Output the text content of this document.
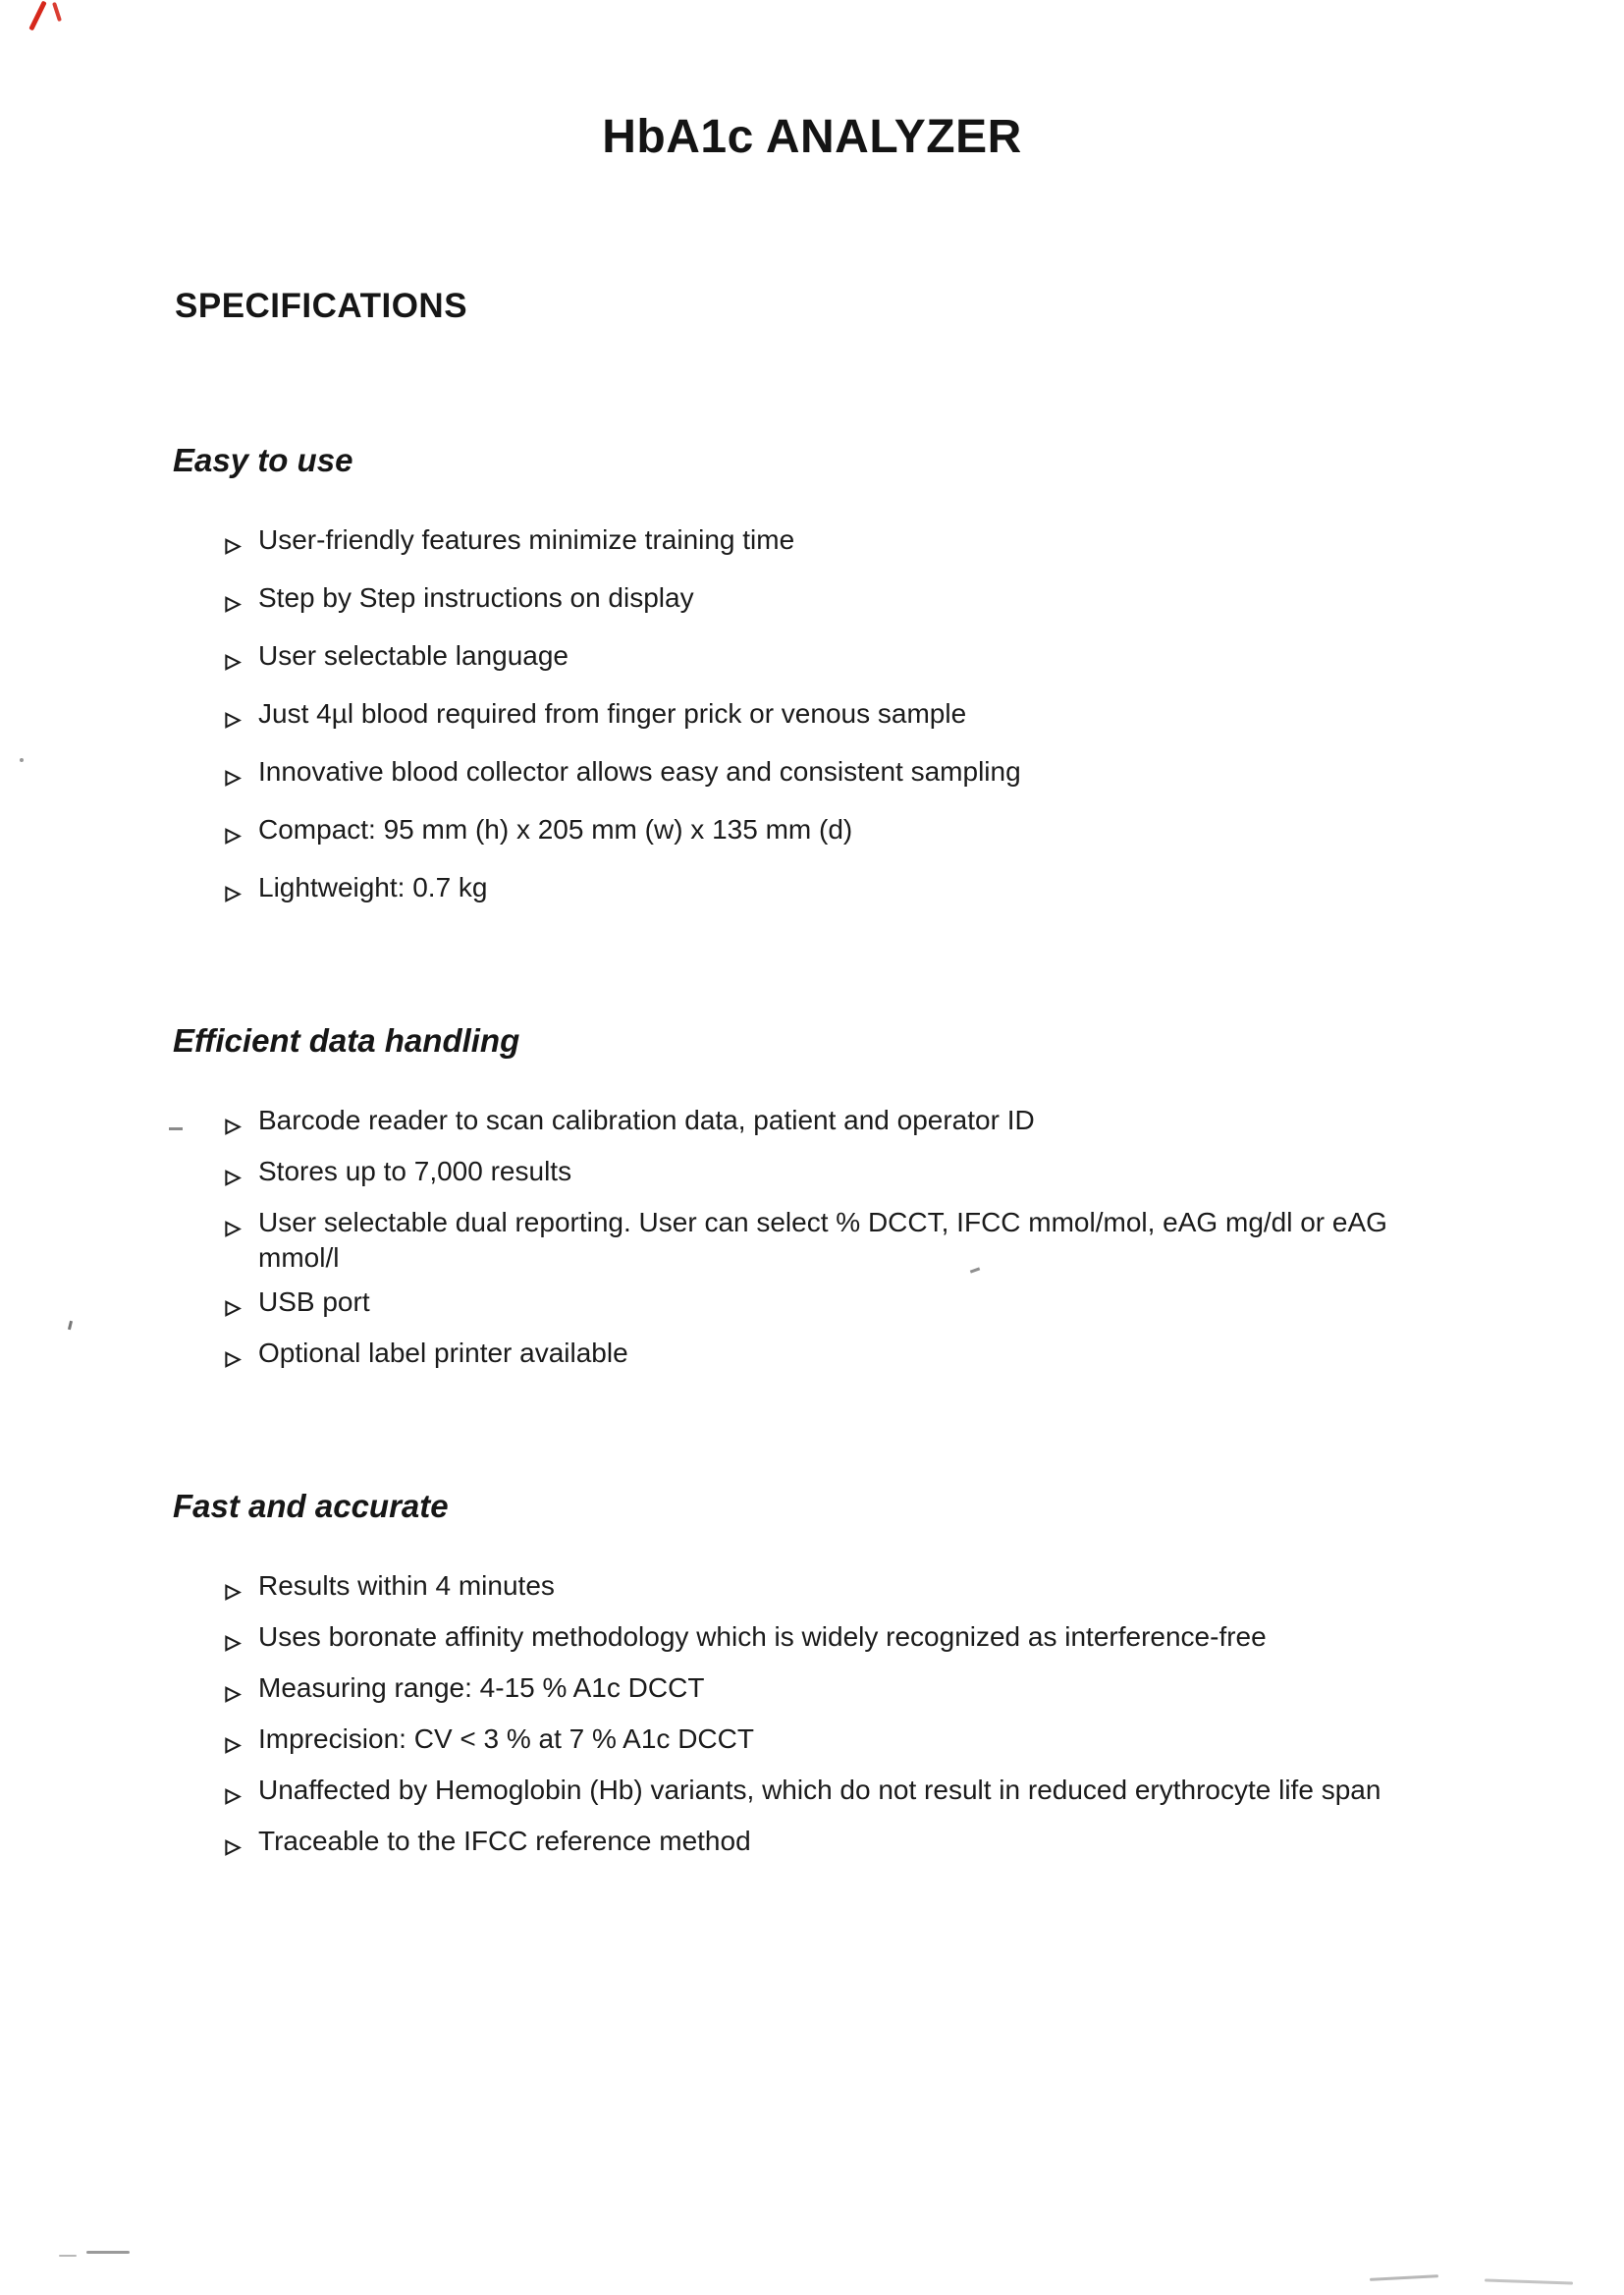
HbA1c ANALYZER
SPECIFICATIONS
Easy to use
User-friendly features minimize training time
Step by Step instructions on display
User selectable language
Just 4µl blood required from finger prick or venous sample
Innovative blood collector allows easy and consistent sampling
Compact: 95 mm (h) x 205 mm (w) x 135 mm (d)
Lightweight: 0.7 kg
Efficient data handling
Barcode reader to scan calibration data, patient and operator ID
Stores up to 7,000 results
User selectable dual reporting. User can select % DCCT, IFCC mmol/mol, eAG mg/dl or eAG mmol/l
USB port
Optional label printer available
Fast and accurate
Results within 4 minutes
Uses boronate affinity methodology which is widely recognized as interference-free
Measuring range: 4-15 % A1c DCCT
Imprecision: CV < 3 % at 7 % A1c DCCT
Unaffected by Hemoglobin (Hb) variants, which do not result in reduced erythrocyte life span
Traceable to the IFCC reference method
